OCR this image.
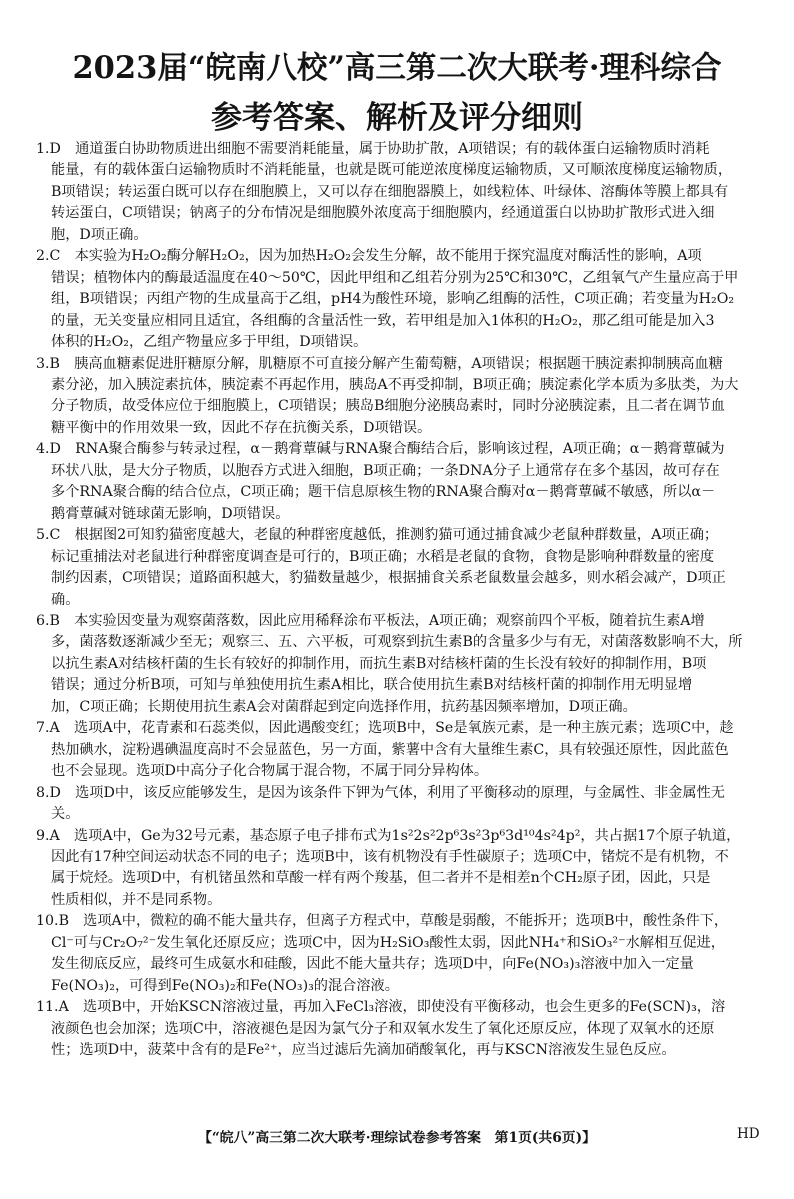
2023届“皖南八校”高三第二次大联考·理科综合
参考答案、解析及评分细则
1.D　通道蛋白协助物质进出细胞不需要消耗能量，属于协助扩散，A项错误；有的载体蛋白运输物质时消耗
能量，有的载体蛋白运输物质时不消耗能量，也就是既可能逆浓度梯度运输物质，又可顺浓度梯度运输物质，
B项错误；转运蛋白既可以存在细胞膜上，又可以存在细胞器膜上，如线粒体、叶绿体、溶酶体等膜上都具有
转运蛋白，C项错误；钠离子的分布情况是细胞膜外浓度高于细胞膜内，经通道蛋白以协助扩散形式进入细
胞，D项正确。
2.C　本实验为H₂O₂酶分解H₂O₂，因为加热H₂O₂会发生分解，故不能用于探究温度对酶活性的影响，A项
错误；植物体内的酶最适温度在40～50℃，因此甲组和乙组若分别为25℃和30℃，乙组氧气产生量应高于甲
组，B项错误；丙组产物的生成量高于乙组，pH4为酸性环境，影响乙组酶的活性，C项正确；若变量为H₂O₂
的量，无关变量应相同且适宜，各组酶的含量活性一致，若甲组是加入1体积的H₂O₂，那乙组可能是加入3
体积的H₂O₂，乙组产物量应多于甲组，D项错误。
3.B　胰高血糖素促进肝糖原分解，肌糖原不可直接分解产生葡萄糖，A项错误；根据题干胰淀素抑制胰高血糖
素分泌，加入胰淀素抗体，胰淀素不再起作用，胰岛A不再受抑制，B项正确；胰淀素化学本质为多肽类，为大
分子物质，故受体应位于细胞膜上，C项错误；胰岛B细胞分泌胰岛素时，同时分泌胰淀素，且二者在调节血
糖平衡中的作用效果一致，因此不存在抗衡关系，D项错误。
4.D　RNA聚合酶参与转录过程，α－鹅膏蕈碱与RNA聚合酶结合后，影响该过程，A项正确；α－鹅膏蕈碱为
环状八肽，是大分子物质，以胞吞方式进入细胞，B项正确；一条DNA分子上通常存在多个基因，故可存在
多个RNA聚合酶的结合位点，C项正确；题干信息原核生物的RNA聚合酶对α－鹅膏蕈碱不敏感，所以α－
鹅膏蕈碱对链球菌无影响，D项错误。
5.C　根据图2可知豹猫密度越大，老鼠的种群密度越低，推测豹猫可通过捕食减少老鼠种群数量，A项正确；
标记重捕法对老鼠进行种群密度调查是可行的，B项正确；水稻是老鼠的食物，食物是影响种群数量的密度
制约因素，C项错误；道路面积越大，豹猫数量越少，根据捕食关系老鼠数量会越多，则水稻会减产，D项正
确。
6.B　本实验因变量为观察菌落数，因此应用稀释涂布平板法，A项正确；观察前四个平板，随着抗生素A增
多，菌落数逐渐减少至无；观察三、五、六平板，可观察到抗生素B的含量多少与有无，对菌落数影响不大，所
以抗生素A对结核杆菌的生长有较好的抑制作用，而抗生素B对结核杆菌的生长没有较好的抑制作用，B项
错误；通过分析B项，可知与单独使用抗生素A相比，联合使用抗生素B对结核杆菌的抑制作用无明显增
加，C项正确；长期使用抗生素A会对菌群起到定向选择作用，抗药基因频率增加，D项正确。
7.A　选项A中，花青素和石蕊类似，因此遇酸变红；选项B中，Se是氧族元素，是一种主族元素；选项C中，趁
热加碘水，淀粉遇碘温度高时不会显蓝色，另一方面，紫薯中含有大量维生素C，具有较强还原性，因此蓝色
也不会显现。选项D中高分子化合物属于混合物，不属于同分异构体。
8.D　选项D中，该反应能够发生，是因为该条件下钾为气体，利用了平衡移动的原理，与金属性、非金属性无
关。
9.A　选项A中，Ge为32号元素，基态原子电子排布式为1s²2s²2p⁶3s²3p⁶3d¹⁰4s²4p²，共占据17个原子轨道，
因此有17种空间运动状态不同的电子；选项B中，该有机物没有手性碳原子；选项C中，锗烷不是有机物，不
属于烷烃。选项D中，有机锗虽然和草酸一样有两个羧基，但二者并不是相差n个CH₂原子团，因此，只是
性质相似，并不是同系物。
10.B　选项A中，微粒的确不能大量共存，但离子方程式中，草酸是弱酸，不能拆开；选项B中，酸性条件下，
Cl⁻可与Cr₂O₇²⁻发生氧化还原反应；选项C中，因为H₂SiO₃酸性太弱，因此NH₄⁺和SiO₃²⁻水解相互促进，
发生彻底反应，最终可生成氨水和硅酸，因此不能大量共存；选项D中，向Fe(NO₃)₃溶液中加入一定量
Fe(NO₃)₂，可得到Fe(NO₃)₂和Fe(NO₃)₃的混合溶液。
11.A　选项B中，开始KSCN溶液过量，再加入FeCl₃溶液，即使没有平衡移动，也会生更多的Fe(SCN)₃，溶
液颜色也会加深；选项C中，溶液褪色是因为氯气分子和双氧水发生了氧化还原反应，体现了双氧水的还原
性；选项D中，菠菜中含有的是Fe²⁺，应当过滤后先滴加硝酸氧化，再与KSCN溶液发生显色反应。
【“皖八”高三第二次大联考·理综试卷参考答案　第1页(共6页)】	HD
